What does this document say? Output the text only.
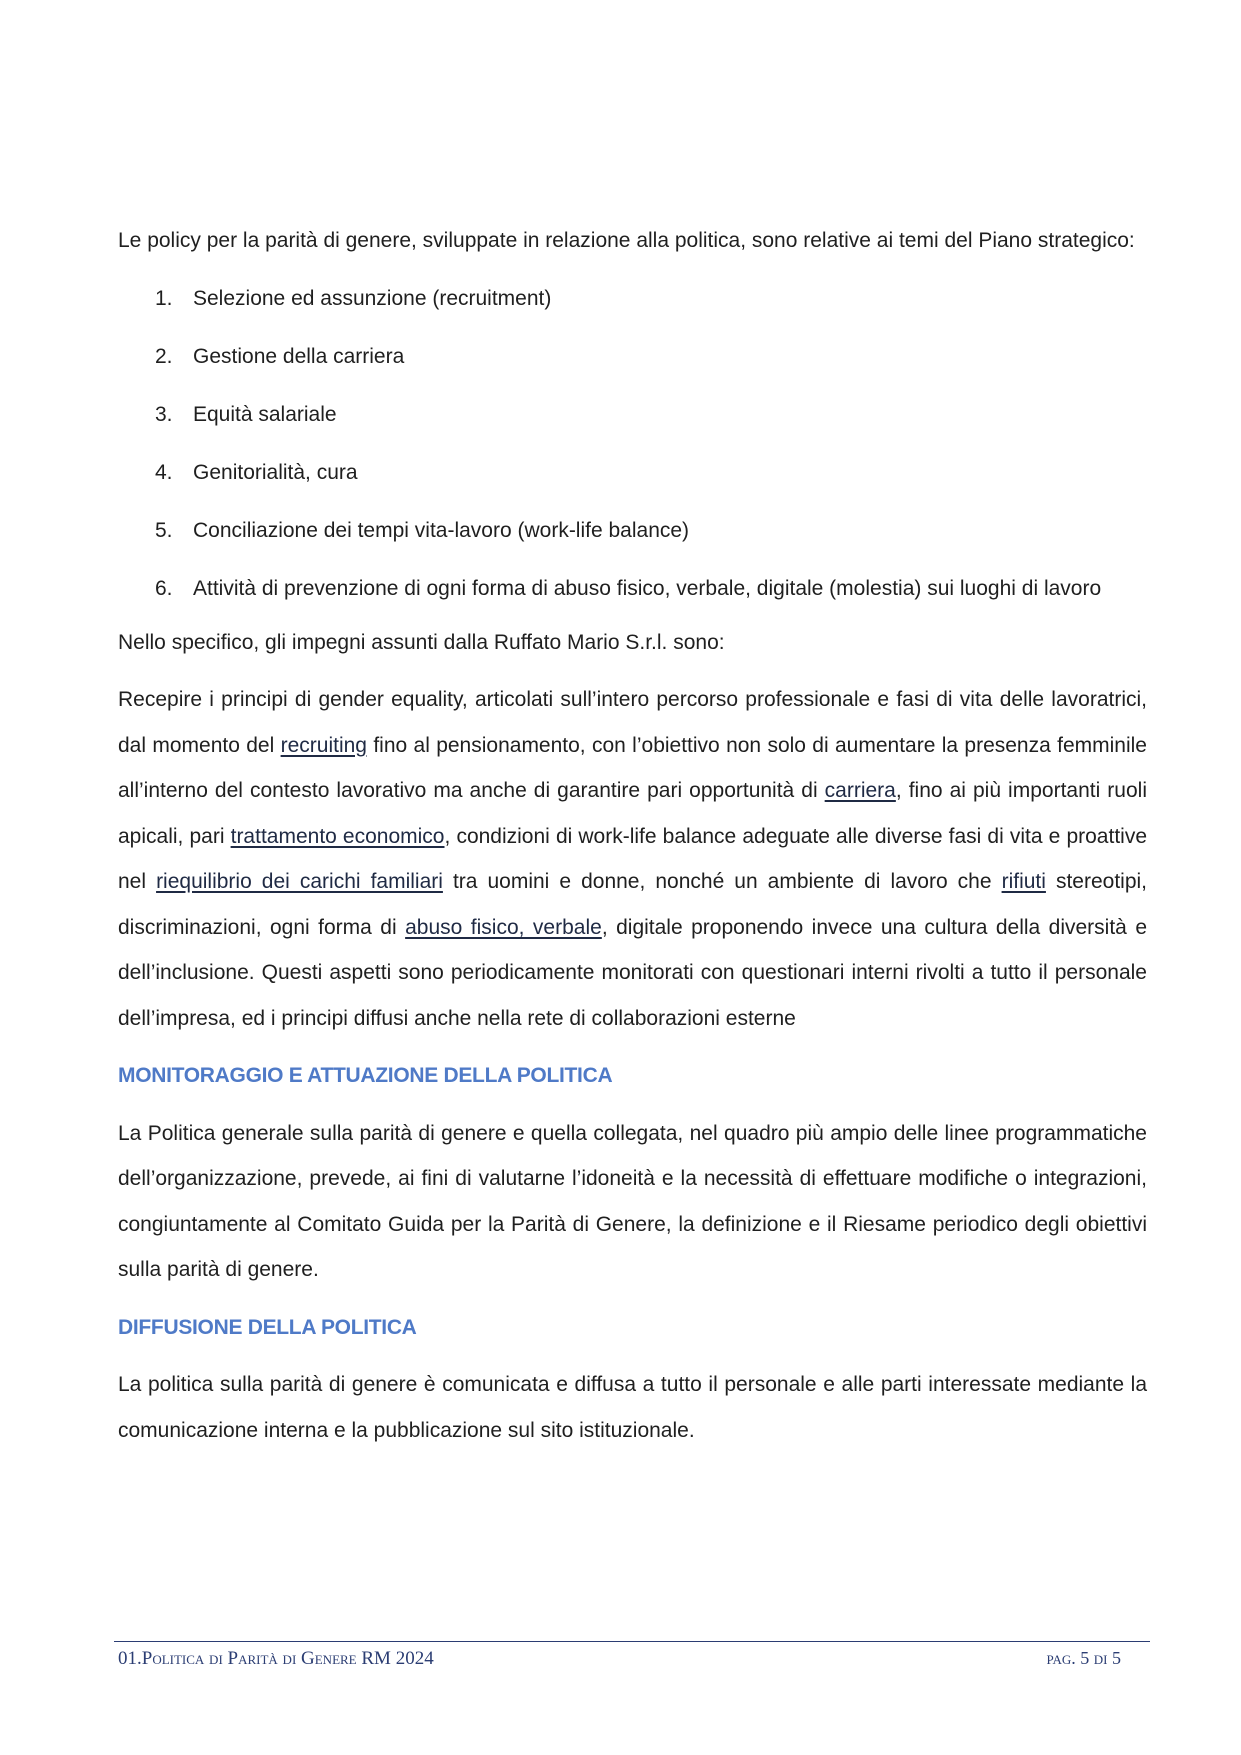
Le policy per la parità di genere, sviluppate in relazione alla politica, sono relative ai temi del Piano strategico:

1. Selezione ed assunzione (recruitment)
2. Gestione della carriera
3. Equità salariale
4. Genitorialità, cura
5. Conciliazione dei tempi vita-lavoro (work-life balance)
6. Attività di prevenzione di ogni forma di abuso fisico, verbale, digitale (molestia) sui luoghi di lavoro

Nello specifico, gli impegni assunti dalla Ruffato Mario S.r.l. sono:

Recepire i principi di gender equality, articolati sull’intero percorso professionale e fasi di vita delle lavoratrici, dal momento del recruiting fino al pensionamento, con l’obiettivo non solo di aumentare la presenza femminile all’interno del contesto lavorativo ma anche di garantire pari opportunità di carriera, fino ai più importanti ruoli apicali, pari trattamento economico, condizioni di work-life balance adeguate alle diverse fasi di vita e proattive nel riequilibrio dei carichi familiari tra uomini e donne, nonché un ambiente di lavoro che rifiuti stereotipi, discriminazioni, ogni forma di abuso fisico, verbale, digitale proponendo invece una cultura della diversità e dell’inclusione. Questi aspetti sono periodicamente monitorati con questionari interni rivolti a tutto il personale dell’impresa, ed i principi diffusi anche nella rete di collaborazioni esterne

MONITORAGGIO E ATTUAZIONE DELLA POLITICA

La Politica generale sulla parità di genere e quella collegata, nel quadro più ampio delle linee programmatiche dell’organizzazione, prevede, ai fini di valutarne l’idoneità e la necessità di effettuare modifiche o integrazioni, congiuntamente al Comitato Guida per la Parità di Genere, la definizione e il Riesame periodico degli obiettivi sulla parità di genere.

DIFFUSIONE DELLA POLITICA

La politica sulla parità di genere è comunicata e diffusa a tutto il personale e alle parti interessate mediante la comunicazione interna e la pubblicazione sul sito istituzionale.

01.Politica di Parità di Genere RM 2024	pag. 5 di 5
